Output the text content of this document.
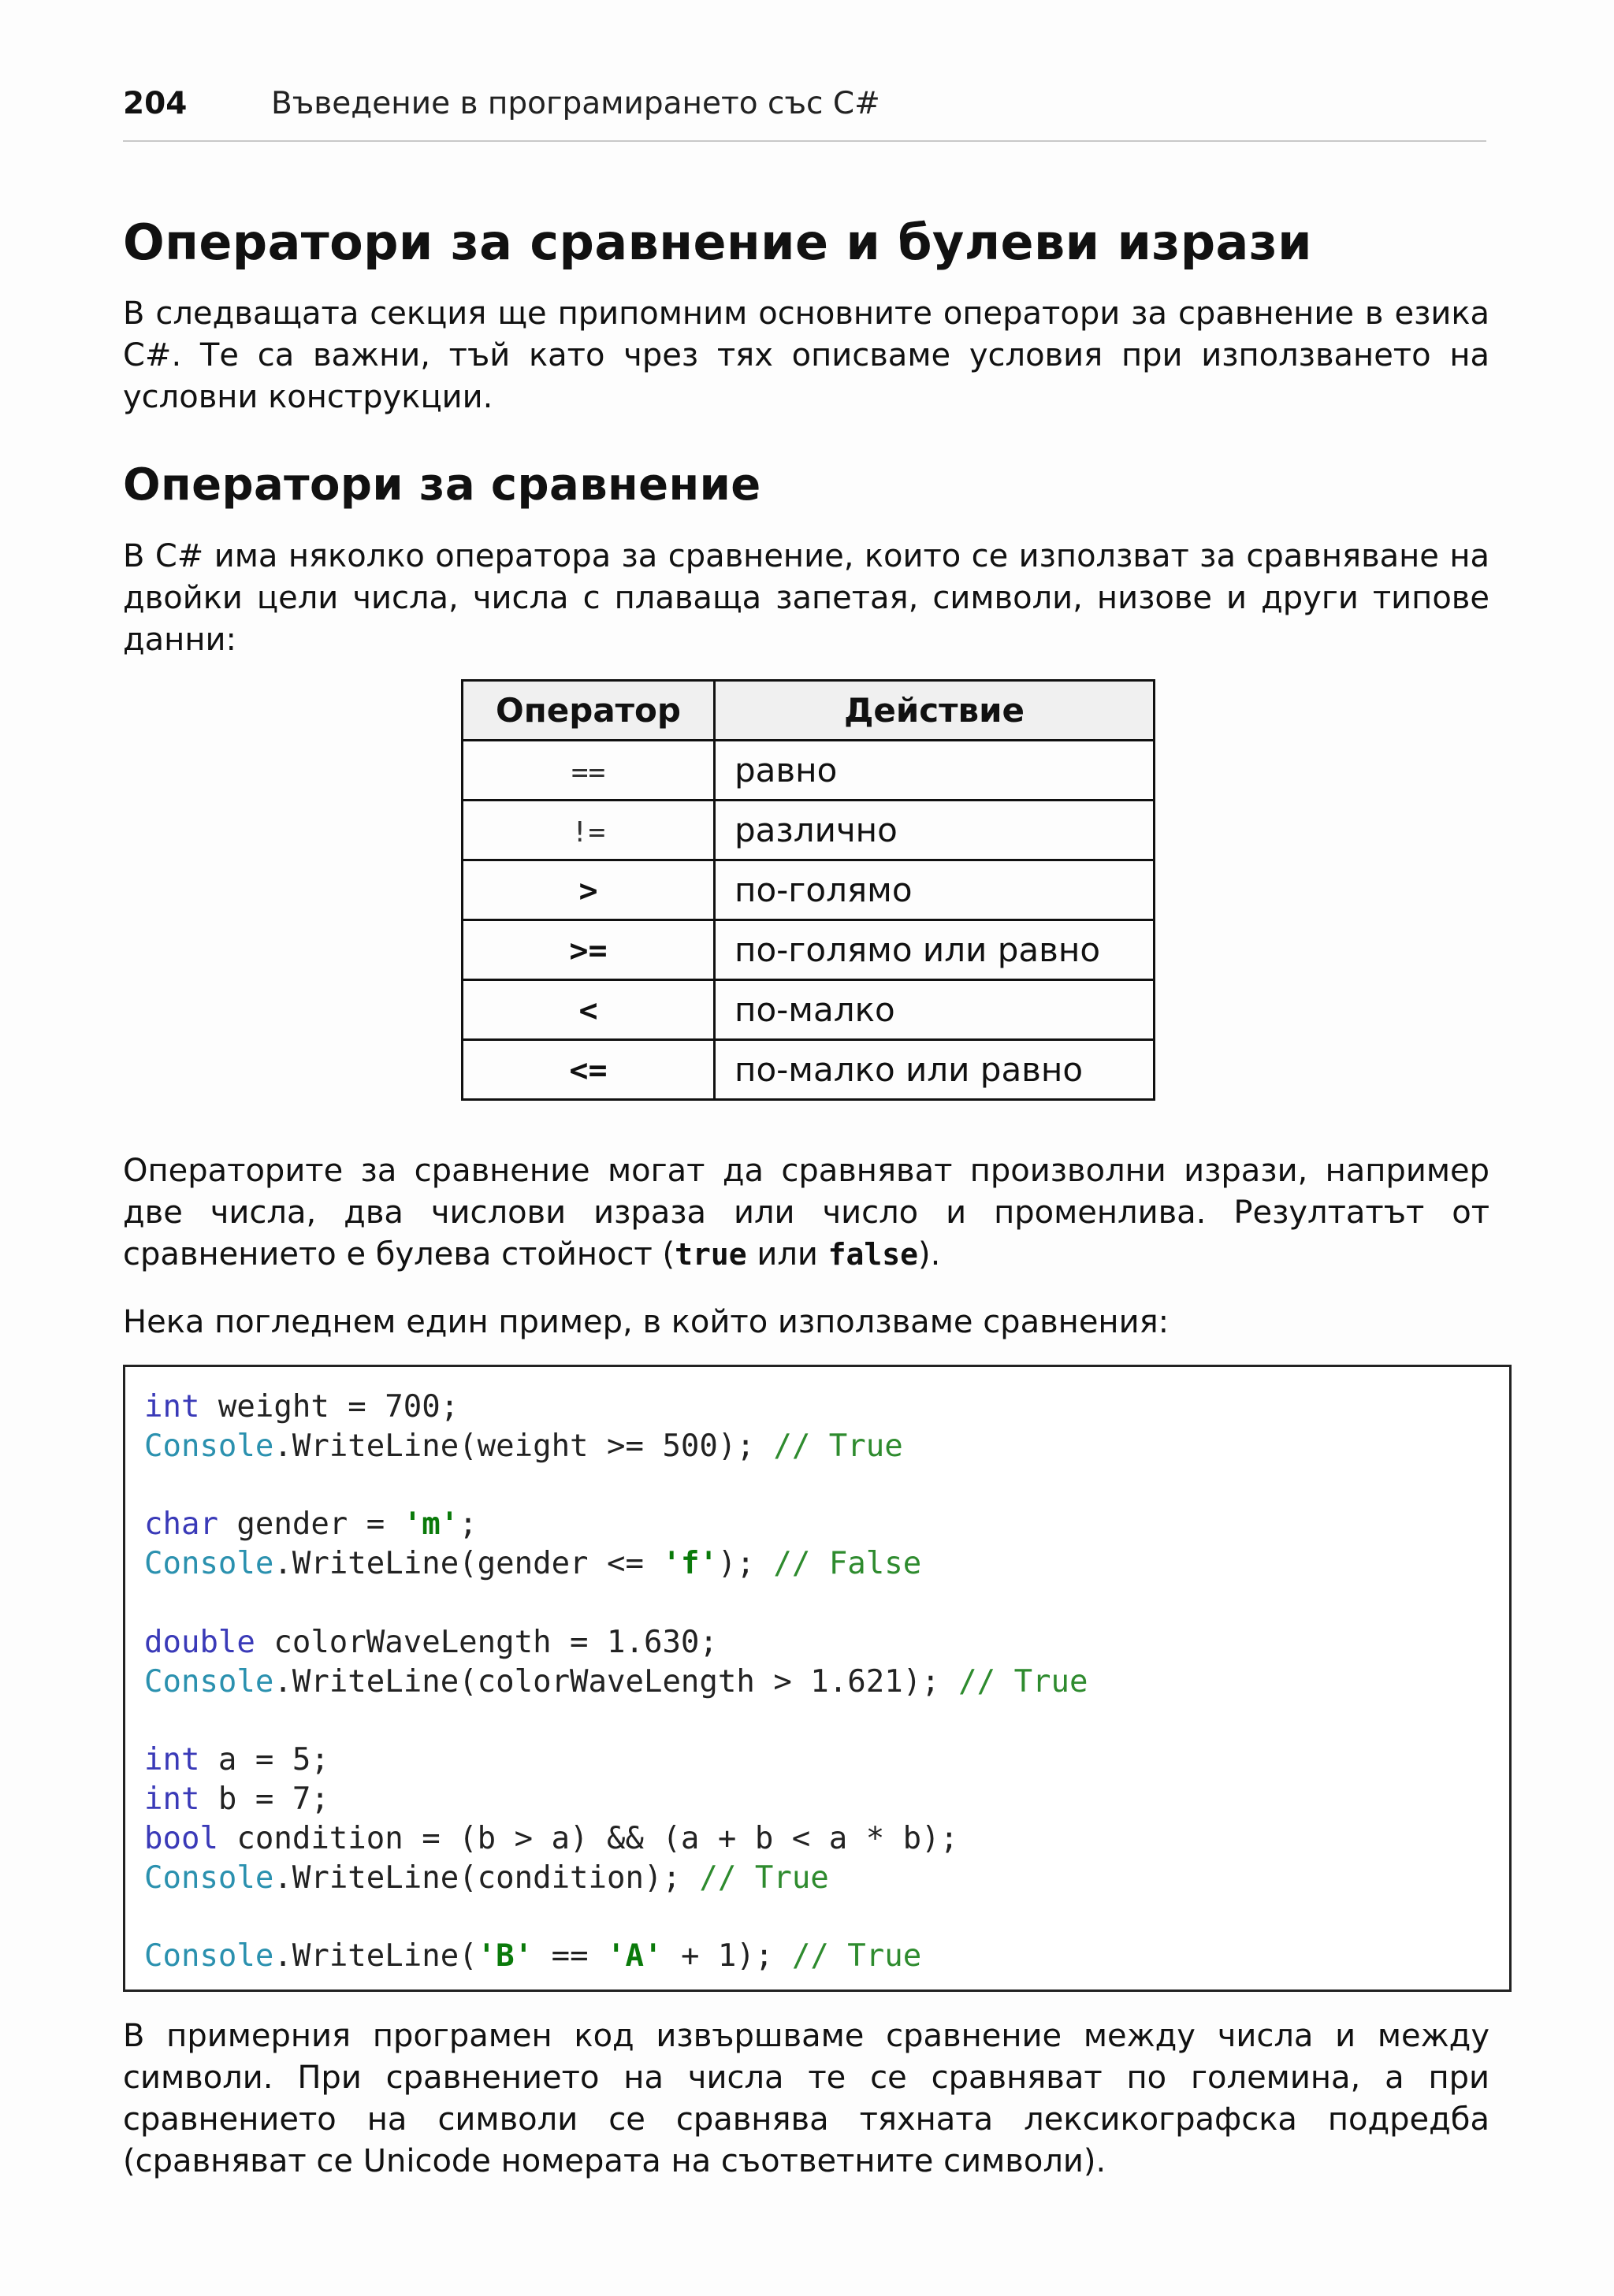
204	Въведение в програмирането със C#
Оператори за сравнение и булеви изрази

В следващата секция ще припомним основните оператори за сравнение в езика C#. Те са важни, тъй като чрез тях описваме условия при използването на условни конструкции.

Оператори за сравнение

В C# има няколко оператора за сравнение, които се използват за сравняване на двойки цели числа, числа с плаваща запетая, символи, низове и други типове данни:

Оператор	Действие
==	равно
!=	различно
>	по-голямо
>=	по-голямо или равно
<	по-малко
<=	по-малко или равно

Операторите за сравнение могат да сравняват произволни изрази, например две числа, два числови израза или число и променлива. Резултатът от сравнението е булева стойност (true или false).

Нека погледнем един пример, в който използваме сравнения:

int weight = 700;
Console.WriteLine(weight >= 500); // True
char gender = 'm';
Console.WriteLine(gender <= 'f'); // False
double colorWaveLength = 1.630;
Console.WriteLine(colorWaveLength > 1.621); // True
int a = 5;
int b = 7;
bool condition = (b > a) && (a + b < a * b);
Console.WriteLine(condition); // True
Console.WriteLine('B' == 'A' + 1); // True

В примерния програмен код извършваме сравнение между числа и между символи. При сравнението на числа те се сравняват по големина, а при сравнението на символи се сравнява тяхната лексикографска подредба (сравняват се Unicode номерата на съответните символи).
